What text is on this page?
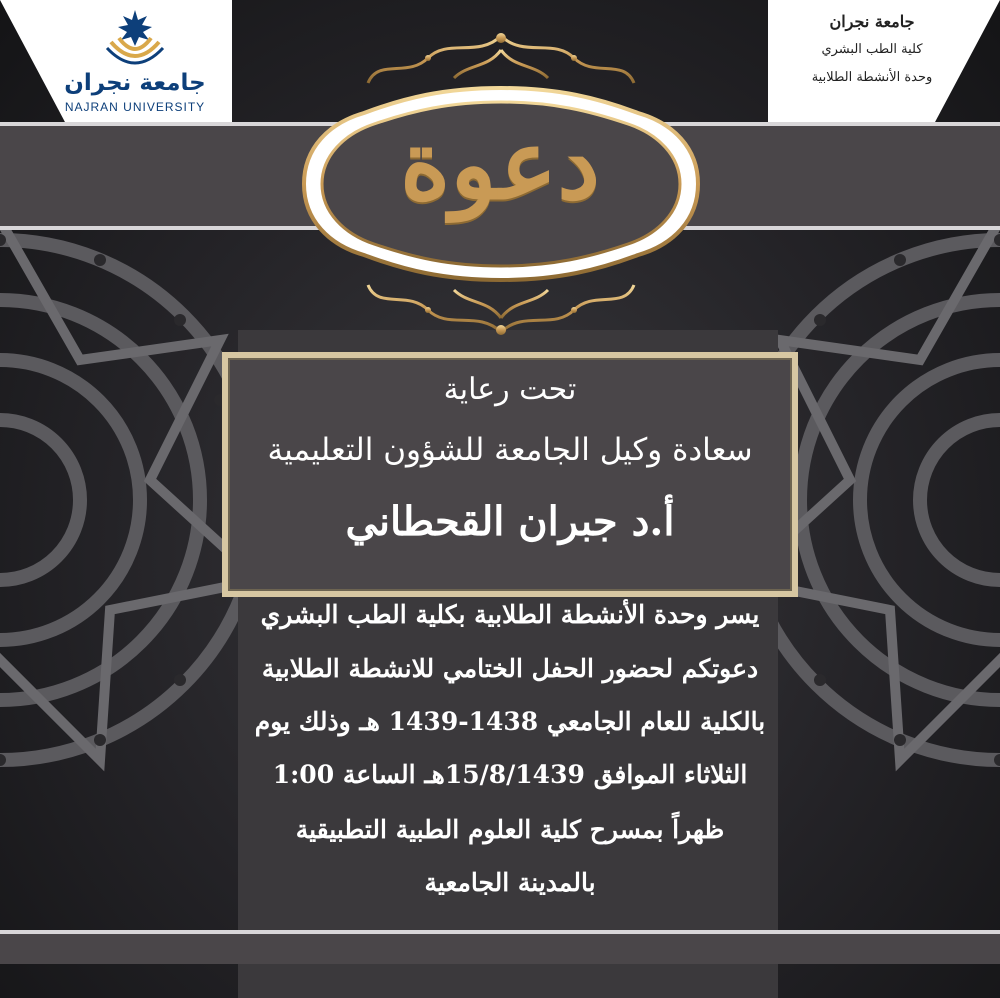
جامعة نجران
NAJRAN UNIVERSITY
جامعة نجران
كلية الطب البشري
وحدة الأنشطة الطلابية
دعوة
تحت رعاية
سعادة وكيل الجامعة للشؤون التعليمية
أ.د جبران القحطاني
يسر وحدة الأنشطة الطلابية بكلية الطب البشري
دعوتكم لحضور الحفل الختامي للانشطة الطلابية
بالكلية للعام الجامعي 1438-1439 هـ وذلك يوم
الثلاثاء الموافق 15/8/1439هـ الساعة 1:00
ظهراً بمسرح كلية العلوم الطبية التطبيقية
بالمدينة الجامعية
